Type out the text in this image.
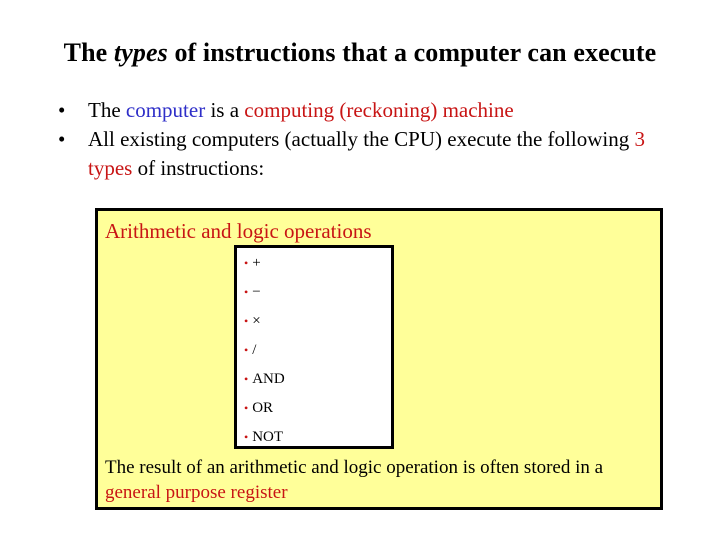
The types of instructions that a computer can execute
• The computer is a computing (reckoning) machine
• All existing computers (actually the CPU) execute the following 3 types of instructions:
Arithmetic and logic operations
• +
• −
• ×
• /
• AND
• OR
• NOT
The result of an arithmetic and logic operation is often stored in a general purpose register
